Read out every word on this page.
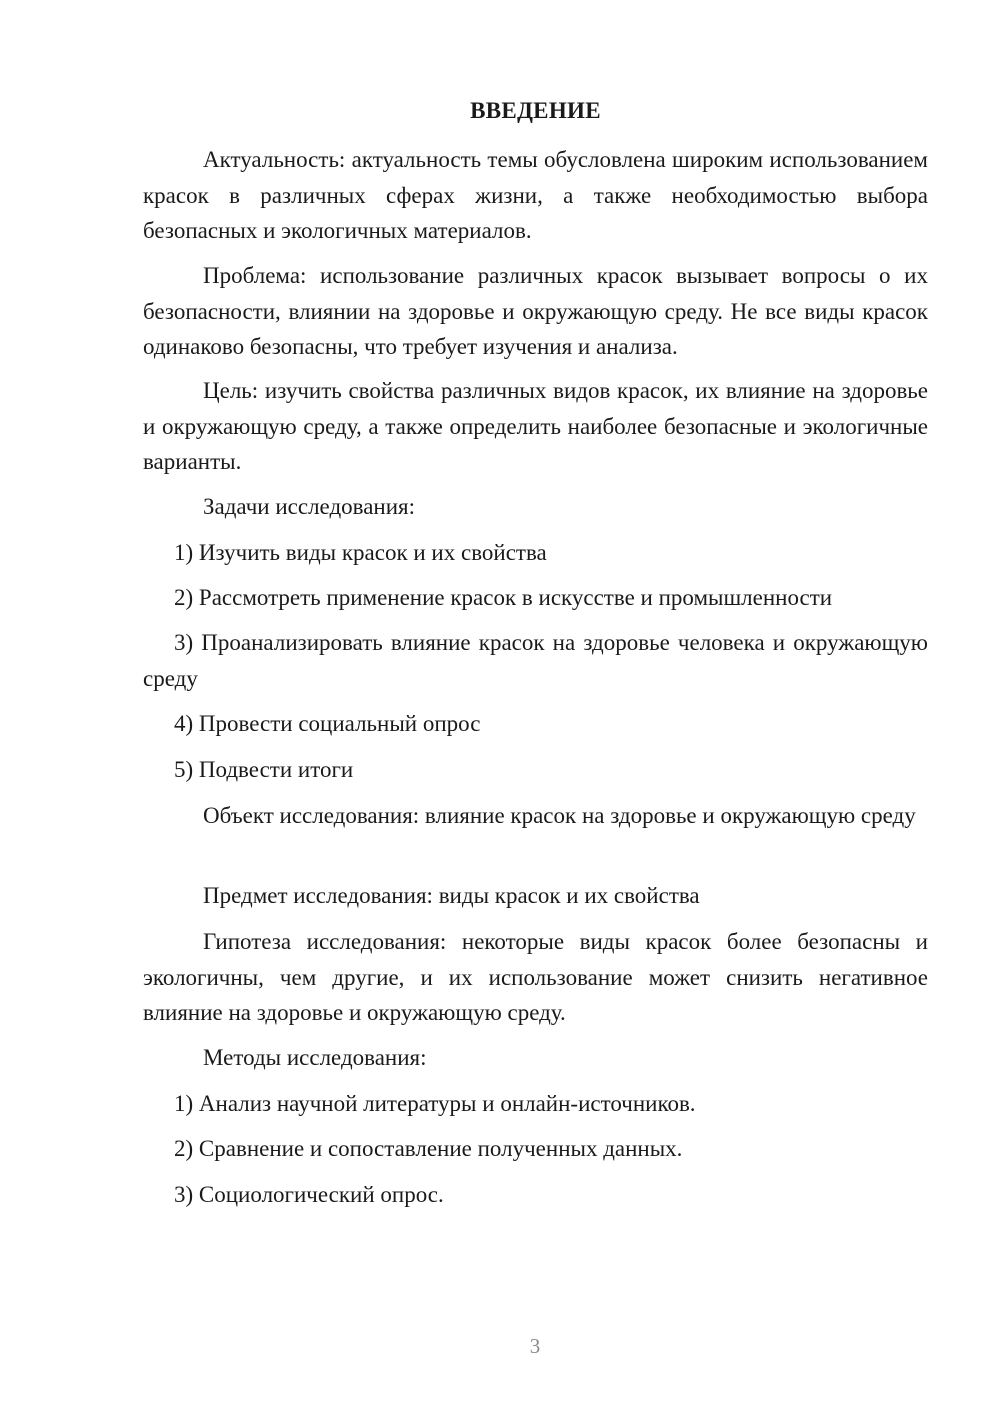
ВВЕДЕНИЕ

Актуальность: актуальность темы обусловлена широким использованием красок в различных сферах жизни, а также необходимостью выбора безопасных и экологичных материалов.

Проблема: использование различных красок вызывает вопросы о их безопасности, влиянии на здоровье и окружающую среду. Не все виды красок одинаково безопасны, что требует изучения и анализа.

Цель: изучить свойства различных видов красок, их влияние на здоровье и окружающую среду, а также определить наиболее безопасные и экологичные варианты.

Задачи исследования:

1) Изучить виды красок и их свойства

2) Рассмотреть применение красок в искусстве и промышленности

3) Проанализировать влияние красок на здоровье человека и окружающую среду

4) Провести социальный опрос

5) Подвести итоги

Объект исследования: влияние красок на здоровье и окружающую среду

Предмет исследования: виды красок и их свойства

Гипотеза исследования: некоторые виды красок более безопасны и экологичны, чем другие, и их использование может снизить негативное влияние на здоровье и окружающую среду.

Методы исследования:

1) Анализ научной литературы и онлайн-источников.

2) Сравнение и сопоставление полученных данных.

3) Социологический опрос.

3
